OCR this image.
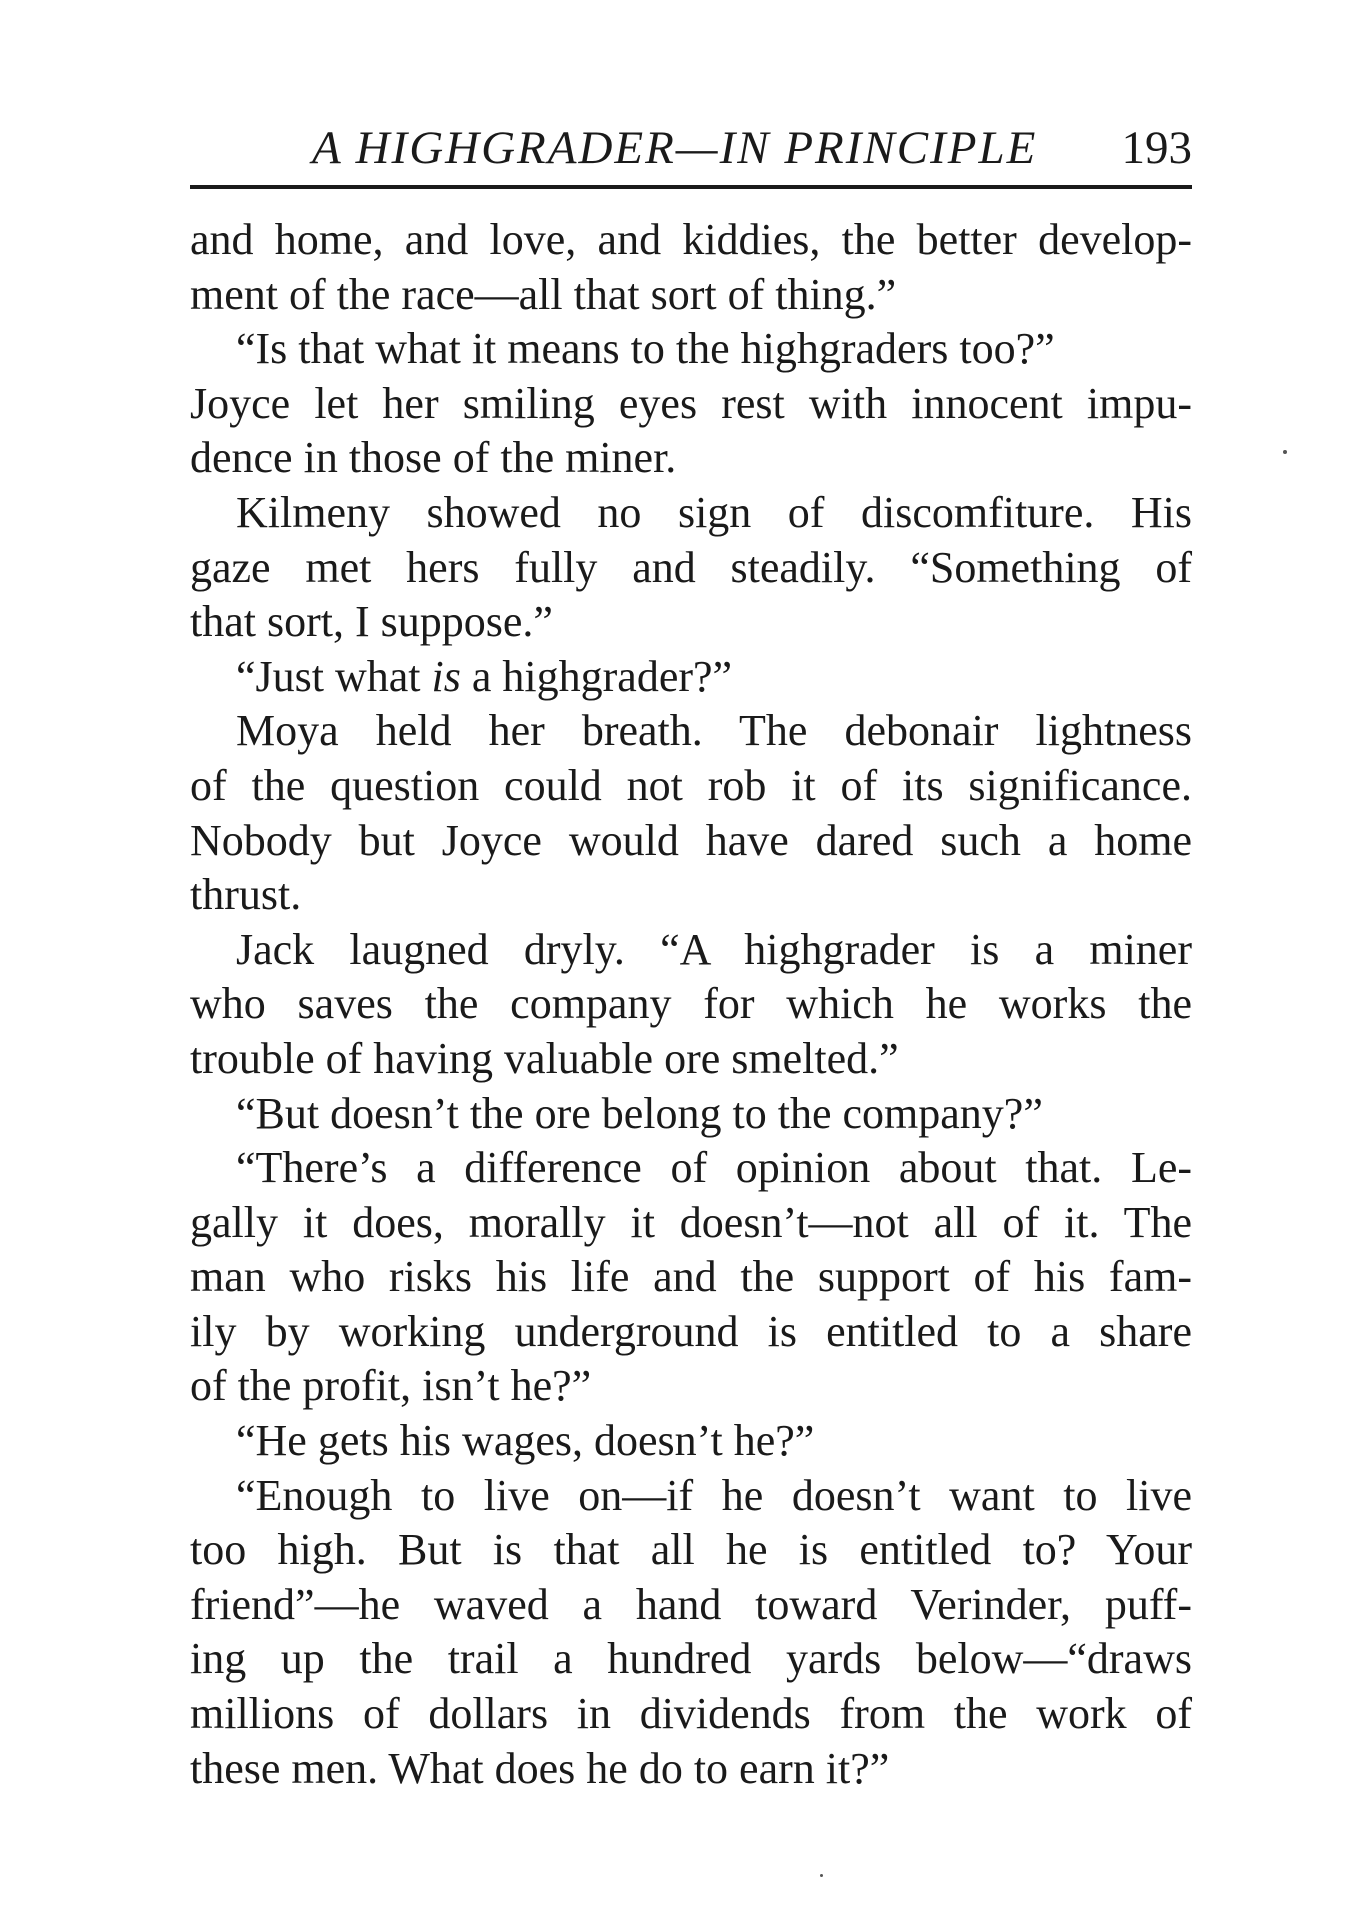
A HIGHGRADER—IN PRINCIPLE 193
and home, and love, and kiddies, the better develop-
ment of the race—all that sort of thing.”
“Is that what it means to the highgraders too?”
Joyce let her smiling eyes rest with innocent impu-
dence in those of the miner.
Kilmeny showed no sign of discomfiture. His
gaze met hers fully and steadily. “Something of
that sort, I suppose.”
“Just what is a highgrader?”
Moya held her breath. The debonair lightness
of the question could not rob it of its significance.
Nobody but Joyce would have dared such a home
thrust.
Jack laugned dryly. “A highgrader is a miner
who saves the company for which he works the
trouble of having valuable ore smelted.”
“But doesn’t the ore belong to the company?”
“There’s a difference of opinion about that. Le-
gally it does, morally it doesn’t—not all of it. The
man who risks his life and the support of his fam-
ily by working underground is entitled to a share
of the profit, isn’t he?”
“He gets his wages, doesn’t he?”
“Enough to live on—if he doesn’t want to live
too high. But is that all he is entitled to? Your
friend”—he waved a hand toward Verinder, puff-
ing up the trail a hundred yards below—“draws
millions of dollars in dividends from the work of
these men. What does he do to earn it?”
